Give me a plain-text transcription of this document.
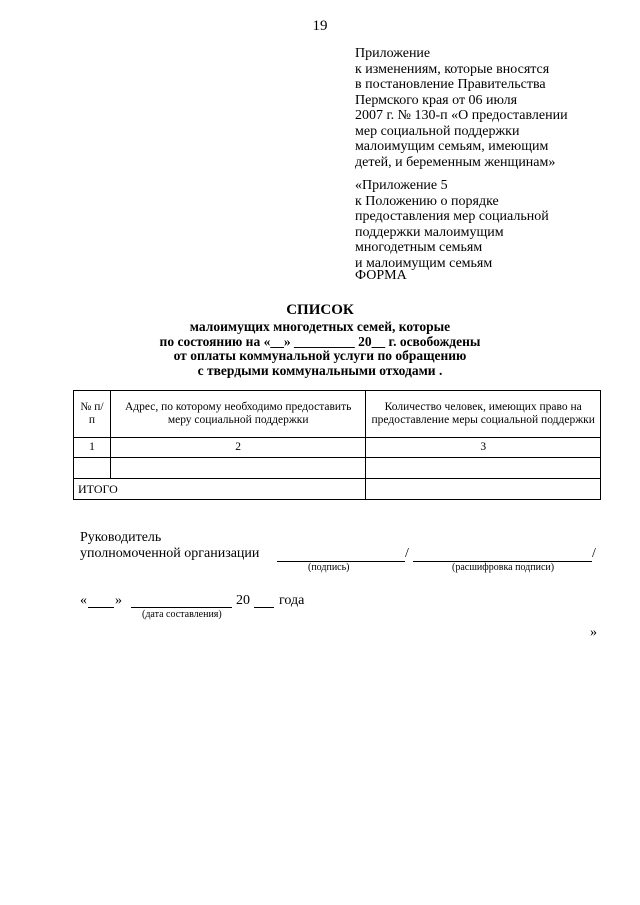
19
Приложение
к изменениям, которые вносятся
в постановление Правительства
Пермского края от 06 июля
2007 г. № 130-п «О предоставлении
мер социальной поддержки
малоимущим семьям, имеющим
детей, и беременным женщинам»
«Приложение 5
к Положению о порядке
предоставления мер социальной
поддержки малоимущим
многодетным семьям
и малоимущим семьям
ФОРМА
СПИСОК
малоимущих многодетных семей, которые
по состоянию на «__» _________ 20__ г. освобождены
от оплаты коммунальной услуги по обращению
с твердыми коммунальными отходами .
№ п/п	Адрес, по которому необходимо предоставить меру социальной поддержки	Количество человек, имеющих право на предоставление меры социальной поддержки
1	2	3

ИТОГО		
Руководитель
уполномоченной организации	/	/
(подпись)	(расшифровка подписи)
« »	20 года
(дата составления)
»
